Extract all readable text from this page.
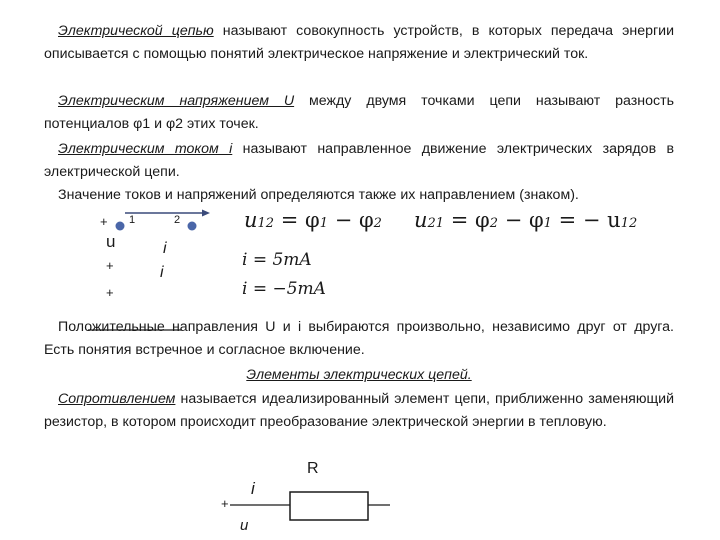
Электрической цепью называют совокупность устройств, в которых передача энергии описывается с помощью понятий электрическое напряжение и электрический ток.
Электрическим напряжением U между двумя точками цепи называют разность потенциалов φ1 и φ2 этих точек.
Электрическим током i называют направленное движение электрических зарядов в электрической цепи.
Значение токов и напряжений определяются также их направлением (знаком).
+ 1	2
u
+
+
i
i
u12 = φ1 − φ2 u21 = φ2 − φ1 = − u12
i = 5mA
i = −5mA
Положительные направления U и i выбираются произвольно, независимо друг от друга. Есть понятия встречное и согласное включение.
Элементы электрических цепей.
Сопротивлением называется идеализированный элемент цепи, приближенно заменяющий резистор, в котором происходит преобразование электрической энергии в тепловую.
R
i
+
u
